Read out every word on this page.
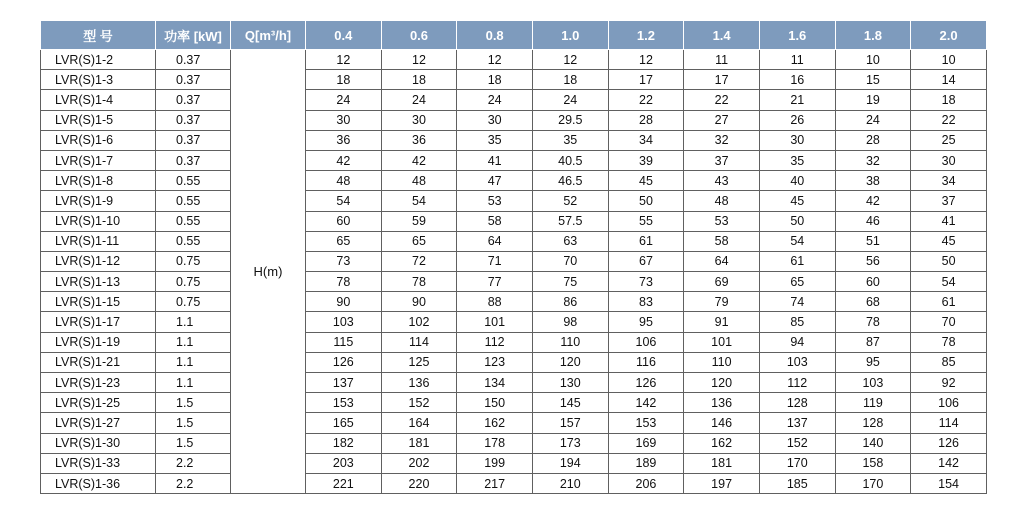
型 号	功率 [kW]	Q[m³/h]	0.4	0.6	0.8	1.0	1.2	1.4	1.6	1.8	2.0
LVR(S)1-2	0.37	H(m)	12	12	12	12	12	11	11	10	10
LVR(S)1-3	0.37		18	18	18	18	17	17	16	15	14
LVR(S)1-4	0.37		24	24	24	24	22	22	21	19	18
LVR(S)1-5	0.37		30	30	30	29.5	28	27	26	24	22
LVR(S)1-6	0.37		36	36	35	35	34	32	30	28	25
LVR(S)1-7	0.37		42	42	41	40.5	39	37	35	32	30
LVR(S)1-8	0.55		48	48	47	46.5	45	43	40	38	34
LVR(S)1-9	0.55		54	54	53	52	50	48	45	42	37
LVR(S)1-10	0.55		60	59	58	57.5	55	53	50	46	41
LVR(S)1-11	0.55		65	65	64	63	61	58	54	51	45
LVR(S)1-12	0.75		73	72	71	70	67	64	61	56	50
LVR(S)1-13	0.75		78	78	77	75	73	69	65	60	54
LVR(S)1-15	0.75		90	90	88	86	83	79	74	68	61
LVR(S)1-17	1.1		103	102	101	98	95	91	85	78	70
LVR(S)1-19	1.1		115	114	112	110	106	101	94	87	78
LVR(S)1-21	1.1		126	125	123	120	116	110	103	95	85
LVR(S)1-23	1.1		137	136	134	130	126	120	112	103	92
LVR(S)1-25	1.5		153	152	150	145	142	136	128	119	106
LVR(S)1-27	1.5		165	164	162	157	153	146	137	128	114
LVR(S)1-30	1.5		182	181	178	173	169	162	152	140	126
LVR(S)1-33	2.2		203	202	199	194	189	181	170	158	142
LVR(S)1-36	2.2		221	220	217	210	206	197	185	170	154
